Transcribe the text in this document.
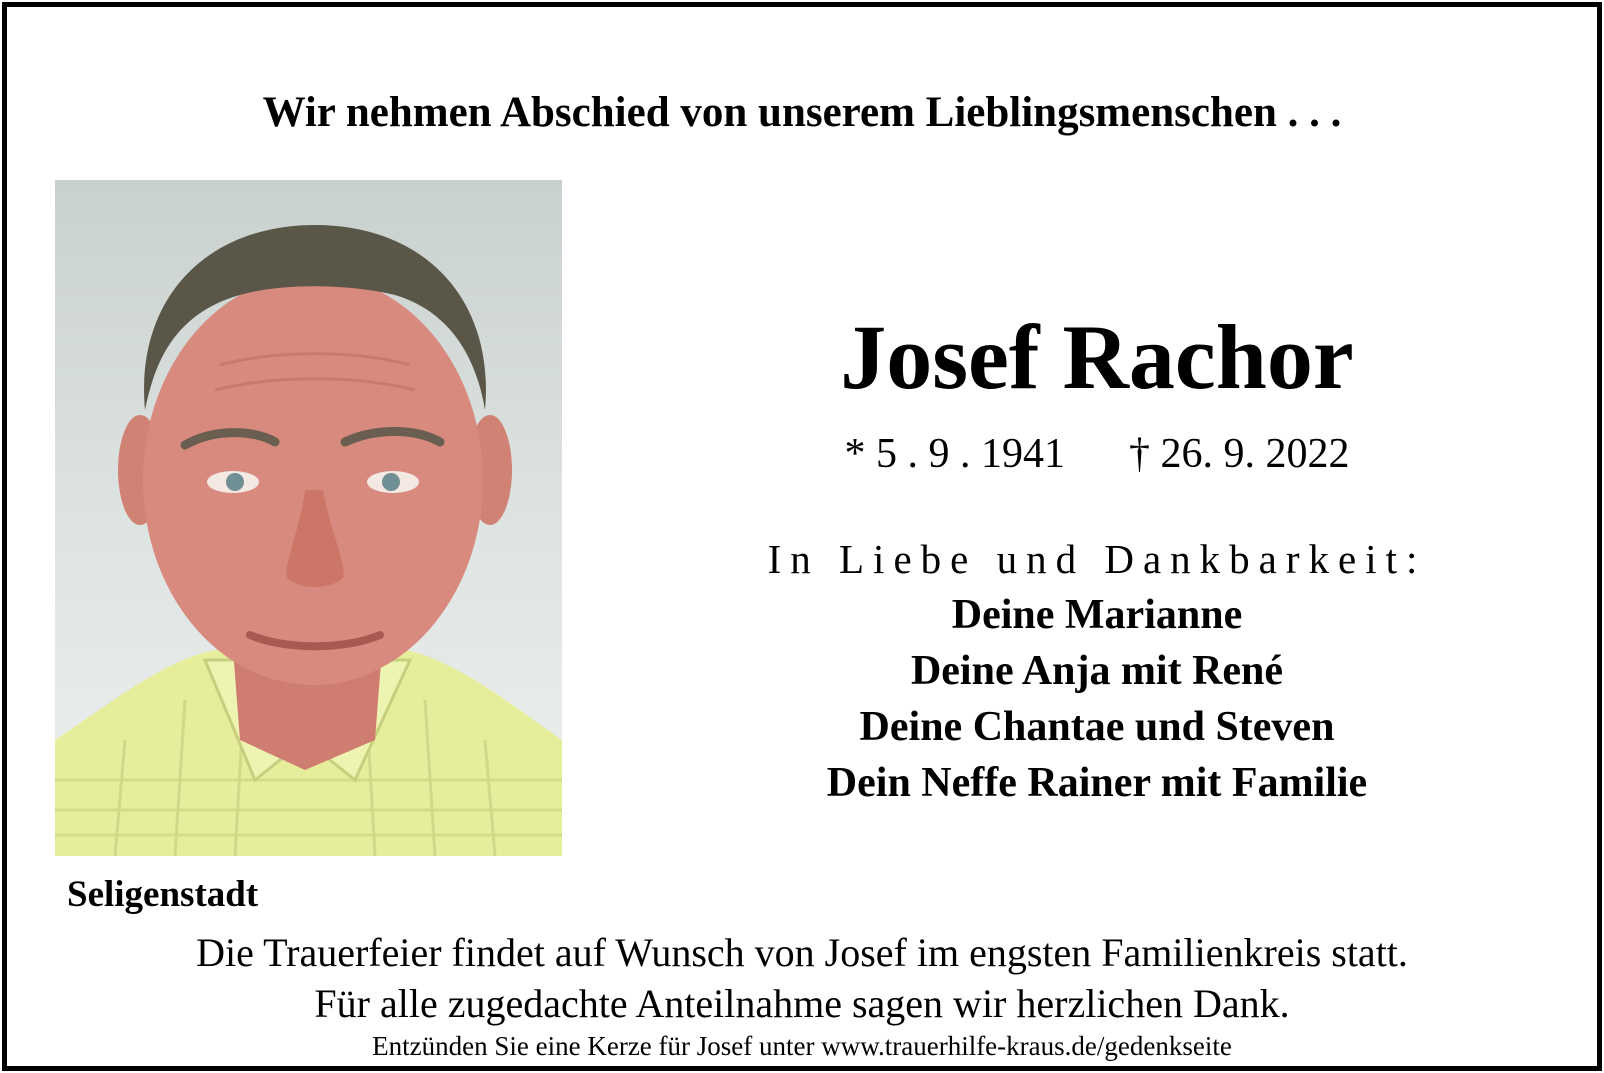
Wir nehmen Abschied von unserem Lieblingsmenschen . . .
Josef Rachor
* 5 . 9 . 1941 † 26. 9. 2022
In Liebe und Dankbarkeit:
Deine Marianne
Deine Anja mit René
Deine Chantae und Steven
Dein Neffe Rainer mit Familie
Seligenstadt
Die Trauerfeier findet auf Wunsch von Josef im engsten Familienkreis statt.
Für alle zugedachte Anteilnahme sagen wir herzlichen Dank.
Entzünden Sie eine Kerze für Josef unter www.trauerhilfe-kraus.de/gedenkseite
